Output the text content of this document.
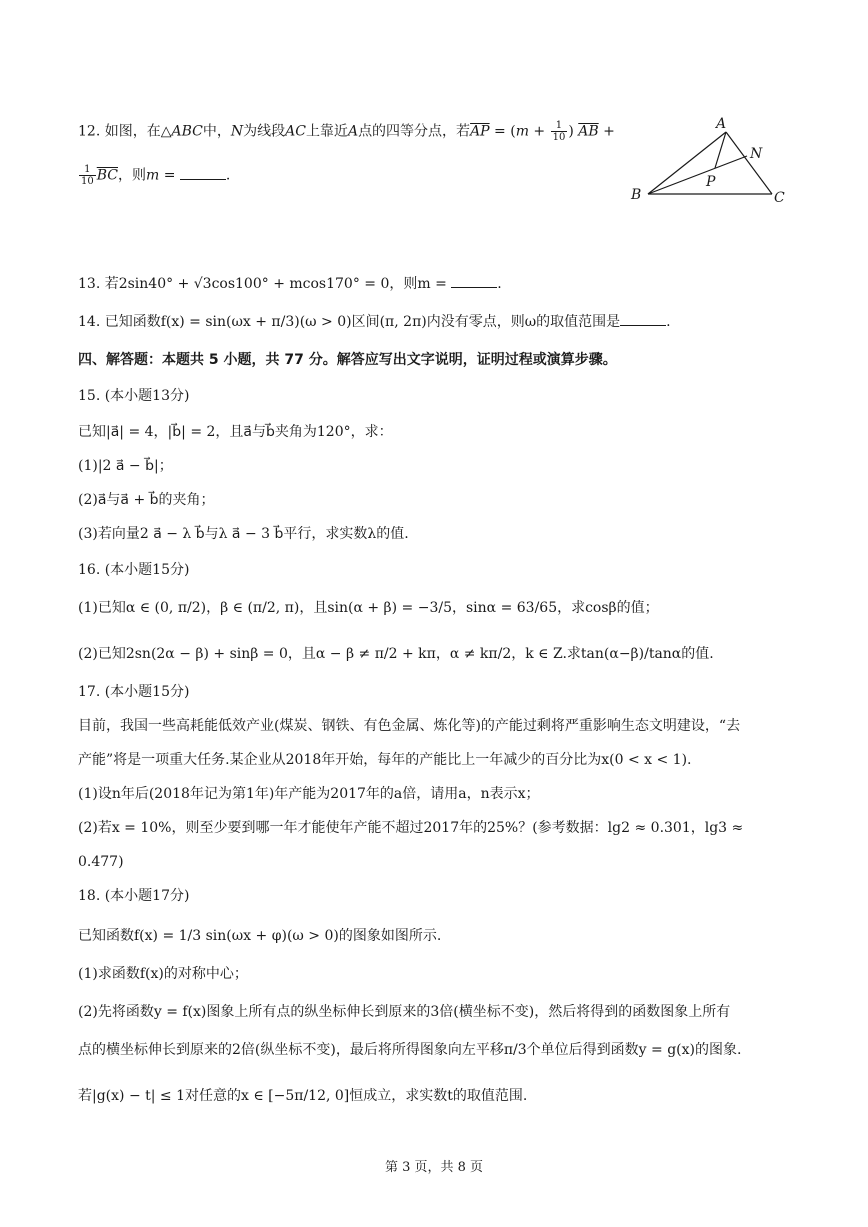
12. 如图，在△ABC中，N为线段AC上靠近A点的四等分点，若$\overline{AP} = (m + \frac{1}{10}$ ) $\overline{AB}$ +
$\frac{1}{10} \overline{BC}$，则m =	.
A
N
P
B	C
13. 若2sin40° + √3cos100° + mcos170° = 0，则m =	.
14. 已知函数f(x) = sin(ωx + π/3)(ω > 0)区间(π, 2π)内没有零点，则ω的取值范围是	.
四、解答题：本题共 5 小题，共 77 分。解答应写出文字说明，证明过程或演算步骤。
15. (本小题13分)
已知|a⃗| = 4，|b⃗| = 2，且a⃗与b⃗夹角为120°，求：
(1)|2 a⃗ − b⃗|；
(2)a⃗与a⃗ + b⃗的夹角；
(3)若向量2 a⃗ − λ b⃗与λ a⃗ − 3 b⃗平行，求实数λ的值.
16. (本小题15分)
(1)已知α ∈ (0, π/2)，β ∈ (π/2, π)，且sin(α + β) = −3/5，sinα = 63/65，求cosβ的值；
(2)已知2sn(2α − β) + sinβ = 0，且α − β ≠ π/2 + kπ，α ≠ kπ/2，k ∈ Z.求tan(α−β)/tanα的值.
17. (本小题15分)
目前，我国一些高耗能低效产业(煤炭、钢铁、有色金属、炼化等)的产能过剩将严重影响生态文明建设，“去
产能”将是一项重大任务.某企业从2018年开始，每年的产能比上一年减少的百分比为x(0 < x < 1).
(1)设n年后(2018年记为第1年)年产能为2017年的a倍，请用a，n表示x；
(2)若x = 10%，则至少要到哪一年才能使年产能不超过2017年的25%？(参考数据：lg2 ≈ 0.301，lg3 ≈
0.477)
18. (本小题17分)
已知函数f(x) = 1/3 sin(ωx + φ)(ω > 0)的图象如图所示.
(1)求函数f(x)的对称中心；
(2)先将函数y = f(x)图象上所有点的纵坐标伸长到原来的3倍(横坐标不变)，然后将得到的函数图象上所有
点的横坐标伸长到原来的2倍(纵坐标不变)，最后将所得图象向左平移π/3个单位后得到函数y = g(x)的图象.
若|g(x) − t| ≤ 1对任意的x ∈ [−5π/12, 0]恒成立，求实数t的取值范围.
第 3 页，共 8 页
